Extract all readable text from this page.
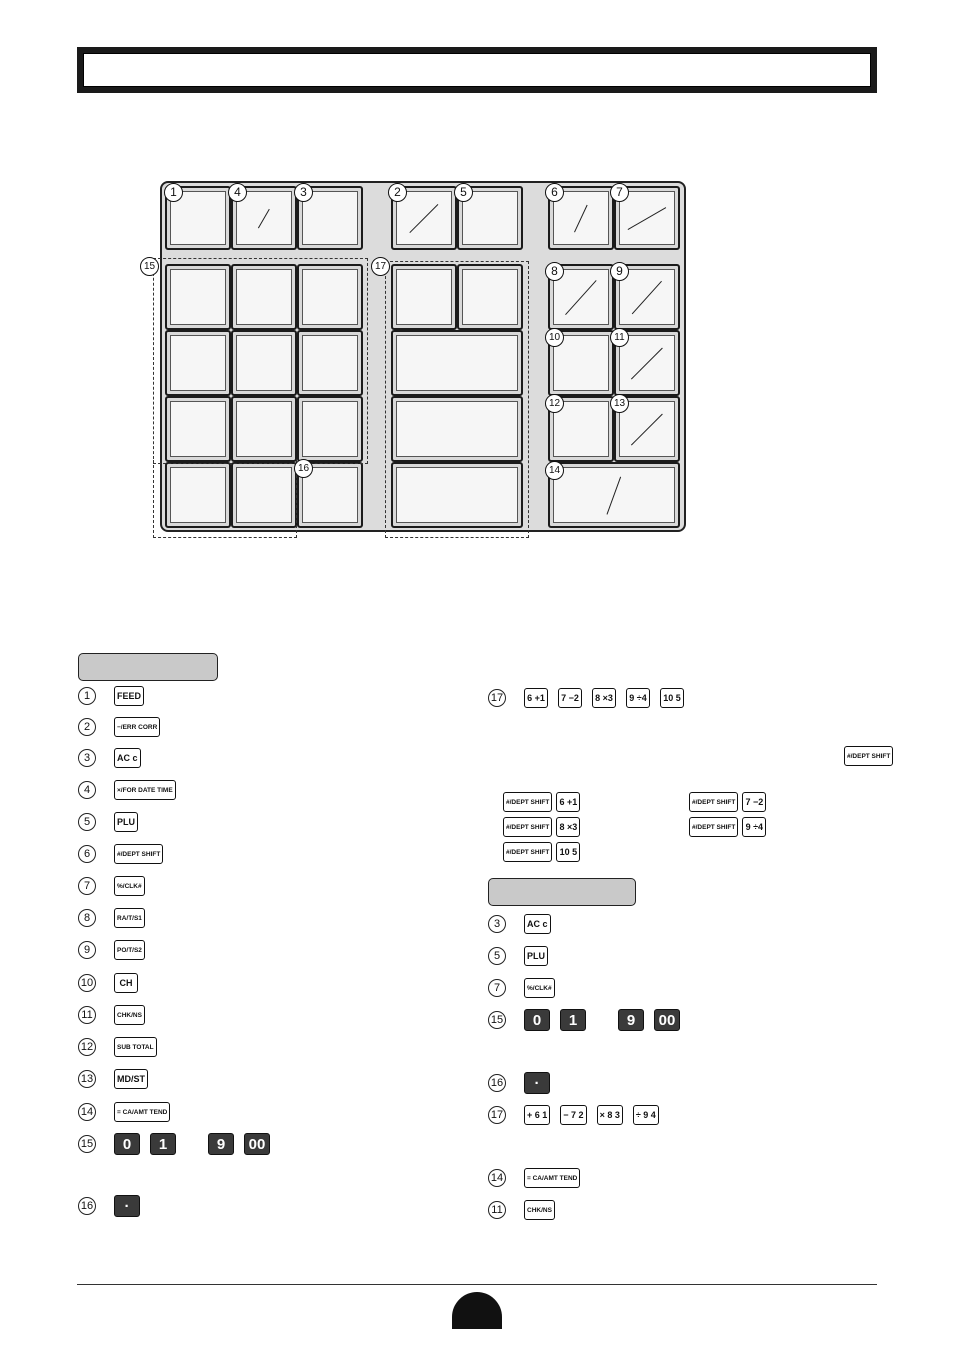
1	4	3	2	5	6	7
15	17	8	9
10	11
12	13
16	14
1	FEED
2	−/ERR CORR
3	AC c
4	×/FOR DATE TIME
5	PLU
6	#/DEPT SHIFT
7	%/CLK#
8	RA/T/S1
9	PO/T/S2
10	CH
11	CHK/NS
12	SUB TOTAL
13	MD/ST
14	= CA/AMT TEND
15	0	1	9	00
16	·
17	6 +1	7 −2	8 ×3	9 ÷4	10 5
#/DEPT SHIFT
#/DEPT SHIFT	6 +1	#/DEPT SHIFT	7 −2
#/DEPT SHIFT	8 ×3	#/DEPT SHIFT	9 ÷4
#/DEPT SHIFT	10 5
3	AC c
5	PLU
7	%/CLK#
15	0	1	9	00
16	·
17	+ 6 1	− 7 2	× 8 3	÷ 9 4
14	= CA/AMT TEND
11	CHK/NS
